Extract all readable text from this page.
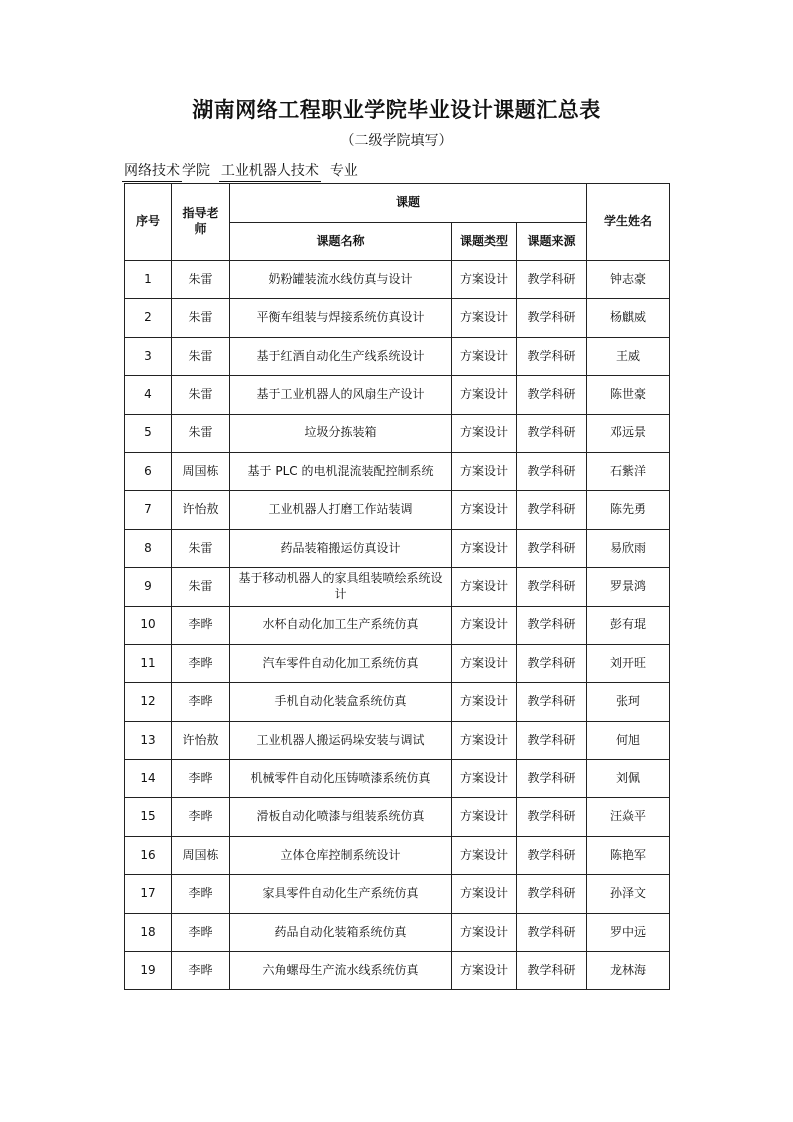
湖南网络工程职业学院毕业设计课题汇总表
（二级学院填写）
网络技术 学院 工业机器人技术 专业
序号	指导老师	课题			学生姓名
		课题名称	课题类型	课题来源	
1	朱雷	奶粉罐装流水线仿真与设计	方案设计	教学科研	钟志豪
2	朱雷	平衡车组装与焊接系统仿真设计	方案设计	教学科研	杨麒威
3	朱雷	基于红酒自动化生产线系统设计	方案设计	教学科研	王威
4	朱雷	基于工业机器人的风扇生产设计	方案设计	教学科研	陈世豪
5	朱雷	垃圾分拣装箱	方案设计	教学科研	邓远景
6	周国栋	基于 PLC 的电机混流装配控制系统	方案设计	教学科研	石紫洋
7	许怡敖	工业机器人打磨工作站装调	方案设计	教学科研	陈先勇
8	朱雷	药品装箱搬运仿真设计	方案设计	教学科研	易欣雨
9	朱雷	基于移动机器人的家具组装喷绘系统设计	方案设计	教学科研	罗景鸿
10	李晔	水杯自动化加工生产系统仿真	方案设计	教学科研	彭有琨
11	李晔	汽车零件自动化加工系统仿真	方案设计	教学科研	刘开旺
12	李晔	手机自动化装盒系统仿真	方案设计	教学科研	张珂
13	许怡敖	工业机器人搬运码垛安装与调试	方案设计	教学科研	何旭
14	李晔	机械零件自动化压铸喷漆系统仿真	方案设计	教学科研	刘佩
15	李晔	滑板自动化喷漆与组装系统仿真	方案设计	教学科研	汪焱平
16	周国栋	立体仓库控制系统设计	方案设计	教学科研	陈艳军
17	李晔	家具零件自动化生产系统仿真	方案设计	教学科研	孙泽文
18	李晔	药品自动化装箱系统仿真	方案设计	教学科研	罗中远
19	李晔	六角螺母生产流水线系统仿真	方案设计	教学科研	龙林海
